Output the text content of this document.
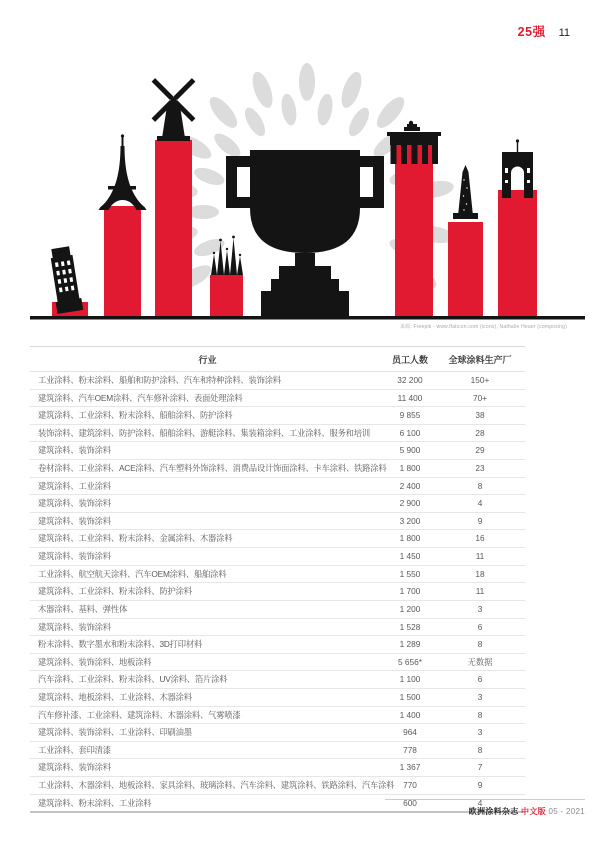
25强 11
来源: Freepik - www.flaticon.com (icons), Nathalie Heuer (composing)
行业	员工人数	全球涂料生产厂
工业涂料、粉末涂料、船舶和防护涂料、汽车和特种涂料、装饰涂料	32 200	150+
建筑涂料、汽车OEM涂料、汽车修补涂料、表面处理涂料	11 400	70+
建筑涂料、工业涂料、粉末涂料、船舶涂料、防护涂料	9 855	38
装饰涂料、建筑涂料、防护涂料、船舶涂料、游艇涂料、集装箱涂料、工业涂料、服务和培训	6 100	28
建筑涂料、装饰涂料	5 900	29
卷材涂料、工业涂料、ACE涂料、汽车塑料外饰涂料、消费品设计饰面涂料、卡车涂料、铁路涂料	1 800	23
建筑涂料、工业涂料	2 400	8
建筑涂料、装饰涂料	2 900	4
建筑涂料、装饰涂料	3 200	9
建筑涂料、工业涂料、粉末涂料、金属涂料、木器涂料	1 800	16
建筑涂料、装饰涂料	1 450	11
工业涂料、航空航天涂料、汽车OEM涂料、船舶涂料	1 550	18
建筑涂料、工业涂料、粉末涂料、防护涂料	1 700	11
木器涂料、基料、弹性体	1 200	3
建筑涂料、装饰涂料	1 528	6
粉末涂料、数字墨水和粉末涂料、3D打印材料	1 289	8
建筑涂料、装饰涂料、地板涂料	5 656*	无数据
汽车涂料、工业涂料、粉末涂料、UV涂料、箔片涂料	1 100	6
建筑涂料、地板涂料、工业涂料、木器涂料	1 500	3
汽车修补漆、工业涂料、建筑涂料、木器涂料、气雾喷漆	1 400	8
建筑涂料、装饰涂料、工业涂料、印刷油墨	964	3
工业涂料、套印清漆	778	8
建筑涂料、装饰涂料	1 367	7
工业涂料、木器涂料、地板涂料、家具涂料、玻璃涂料、汽车涂料、建筑涂料、铁路涂料、汽车涂料	770	9
建筑涂料、粉末涂料、工业涂料	600	4
欧洲涂料杂志 中文版 05 - 2021
